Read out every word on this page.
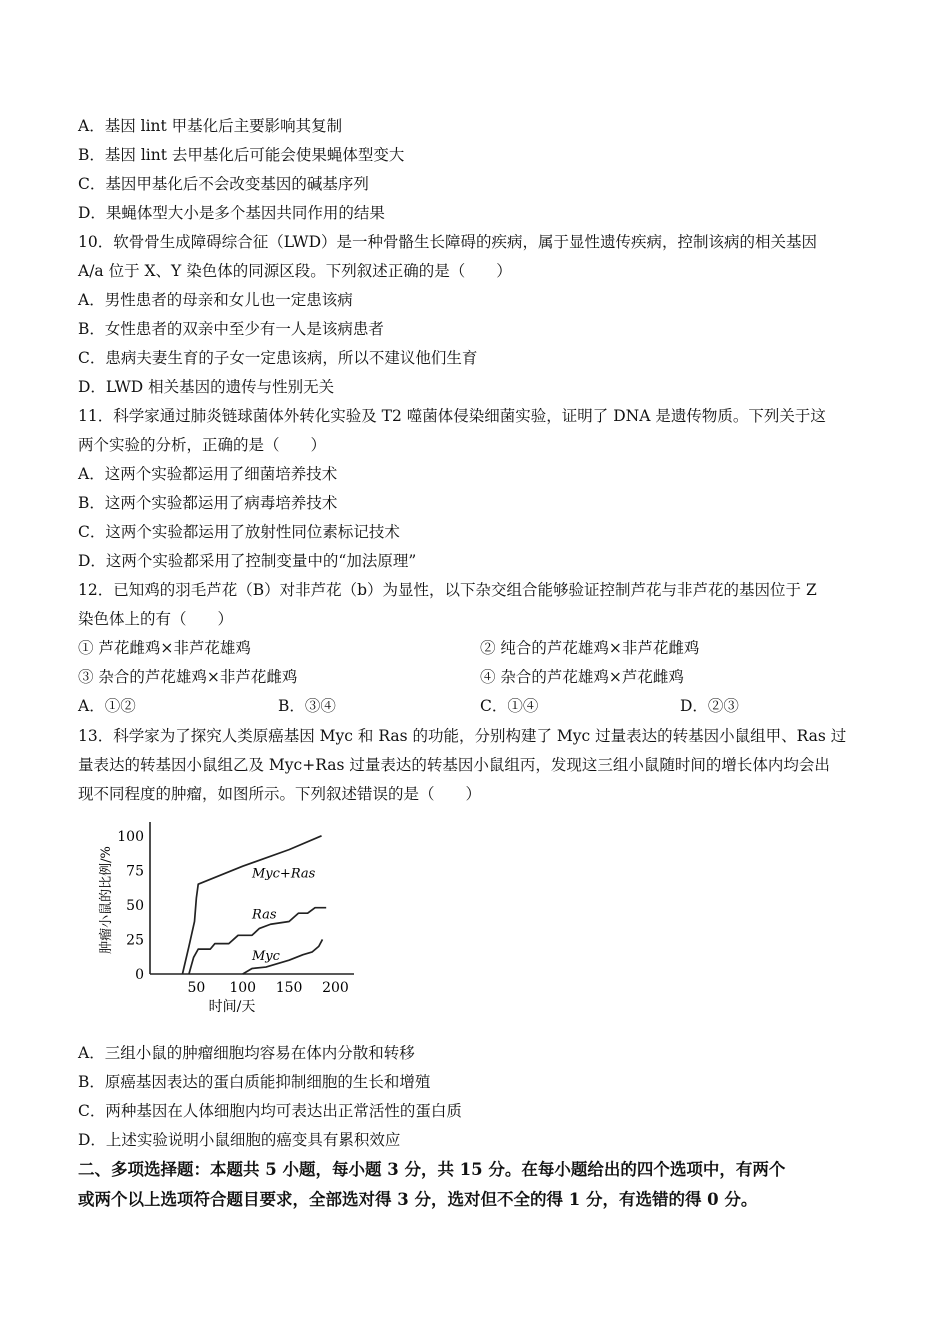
A．基因 lint 甲基化后主要影响其复制
B．基因 lint 去甲基化后可能会使果蝇体型变大
C．基因甲基化后不会改变基因的碱基序列
D．果蝇体型大小是多个基因共同作用的结果
10．软骨骨生成障碍综合征（LWD）是一种骨骼生长障碍的疾病，属于显性遗传疾病，控制该病的相关基因
A/a 位于 X、Y 染色体的同源区段。下列叙述正确的是（　　）
A．男性患者的母亲和女儿也一定患该病
B．女性患者的双亲中至少有一人是该病患者
C．患病夫妻生育的子女一定患该病，所以不建议他们生育
D．LWD 相关基因的遗传与性别无关
11．科学家通过肺炎链球菌体外转化实验及 T2 噬菌体侵染细菌实验，证明了 DNA 是遗传物质。下列关于这
两个实验的分析，正确的是（　　）
A．这两个实验都运用了细菌培养技术
B．这两个实验都运用了病毒培养技术
C．这两个实验都运用了放射性同位素标记技术
D．这两个实验都采用了控制变量中的“加法原理”
12．已知鸡的羽毛芦花（B）对非芦花（b）为显性，以下杂交组合能够验证控制芦花与非芦花的基因位于 Z
染色体上的有（　　）
① 芦花雌鸡×非芦花雄鸡	② 纯合的芦花雄鸡×非芦花雌鸡
③ 杂合的芦花雄鸡×非芦花雌鸡	④ 杂合的芦花雄鸡×芦花雌鸡
A．①②	B．③④	C．①④	D．②③
13．科学家为了探究人类原癌基因 Myc 和 Ras 的功能，分别构建了 Myc 过量表达的转基因小鼠组甲、Ras 过
量表达的转基因小鼠组乙及 Myc+Ras 过量表达的转基因小鼠组丙，发现这三组小鼠随时间的增长体内均会出
现不同程度的肿瘤，如图所示。下列叙述错误的是（　　）
0
25
50
75
100
50 100 150 200
时间/天
肿瘤小鼠的比例/%	Myc+Ras
Ras
Myc
A．三组小鼠的肿瘤细胞均容易在体内分散和转移
B．原癌基因表达的蛋白质能抑制细胞的生长和增殖
C．两种基因在人体细胞内均可表达出正常活性的蛋白质
D．上述实验说明小鼠细胞的癌变具有累积效应
二、多项选择题：本题共 5 小题，每小题 3 分，共 15 分。在每小题给出的四个选项中，有两个
或两个以上选项符合题目要求，全部选对得 3 分，选对但不全的得 1 分，有选错的得 0 分。
